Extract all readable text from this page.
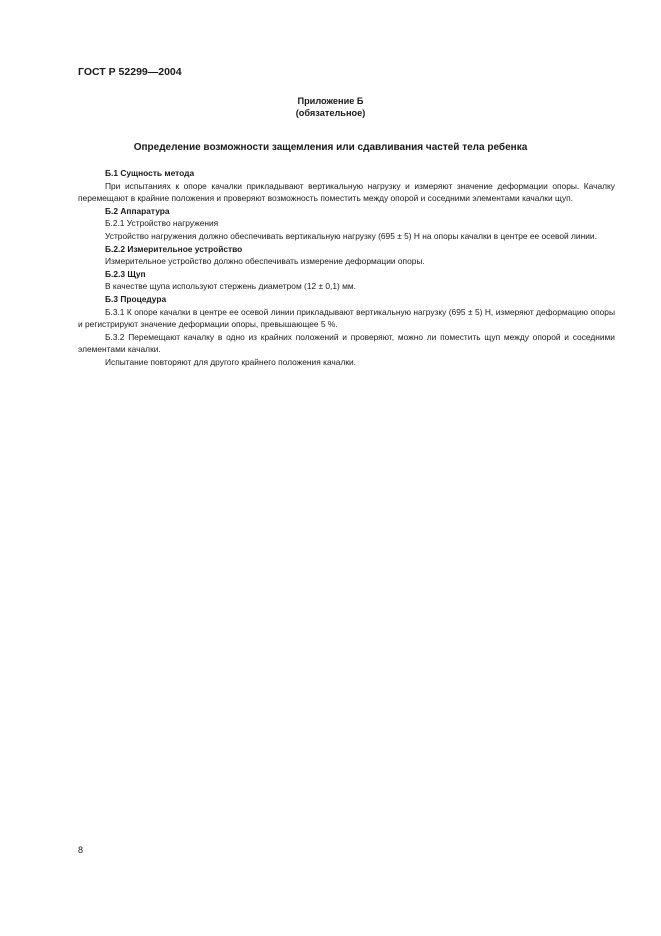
ГОСТ Р 52299—2004
Приложение Б
(обязательное)
Определение возможности защемления или сдавливания частей тела ребенка

Б.1 Сущность метода

При испытаниях к опоре качалки прикладывают вертикальную нагрузку и измеряют значение деформации опоры. Качалку перемещают в крайние положения и проверяют возможность поместить между опорой и соседними элементами качалки щуп.

Б.2 Аппаратура

Б.2.1 Устройство нагружения

Устройство нагружения должно обеспечивать вертикальную нагрузку (695 ± 5) Н на опоры качалки в центре ее осевой линии.

Б.2.2 Измерительное устройство

Измерительное устройство должно обеспечивать измерение деформации опоры.

Б.2.3 Щуп

В качестве щупа используют стержень диаметром (12 ± 0,1) мм.

Б.3 Процедура

Б.3.1 К опоре качалки в центре ее осевой линии прикладывают вертикальную нагрузку (695 ± 5) Н, измеряют деформацию опоры и регистрируют значение деформации опоры, превышающее 5 %.

Б.3.2 Перемещают качалку в одно из крайних положений и проверяют, можно ли поместить щуп между опорой и соседними элементами качалки.

Испытание повторяют для другого крайнего положения качалки.

8
